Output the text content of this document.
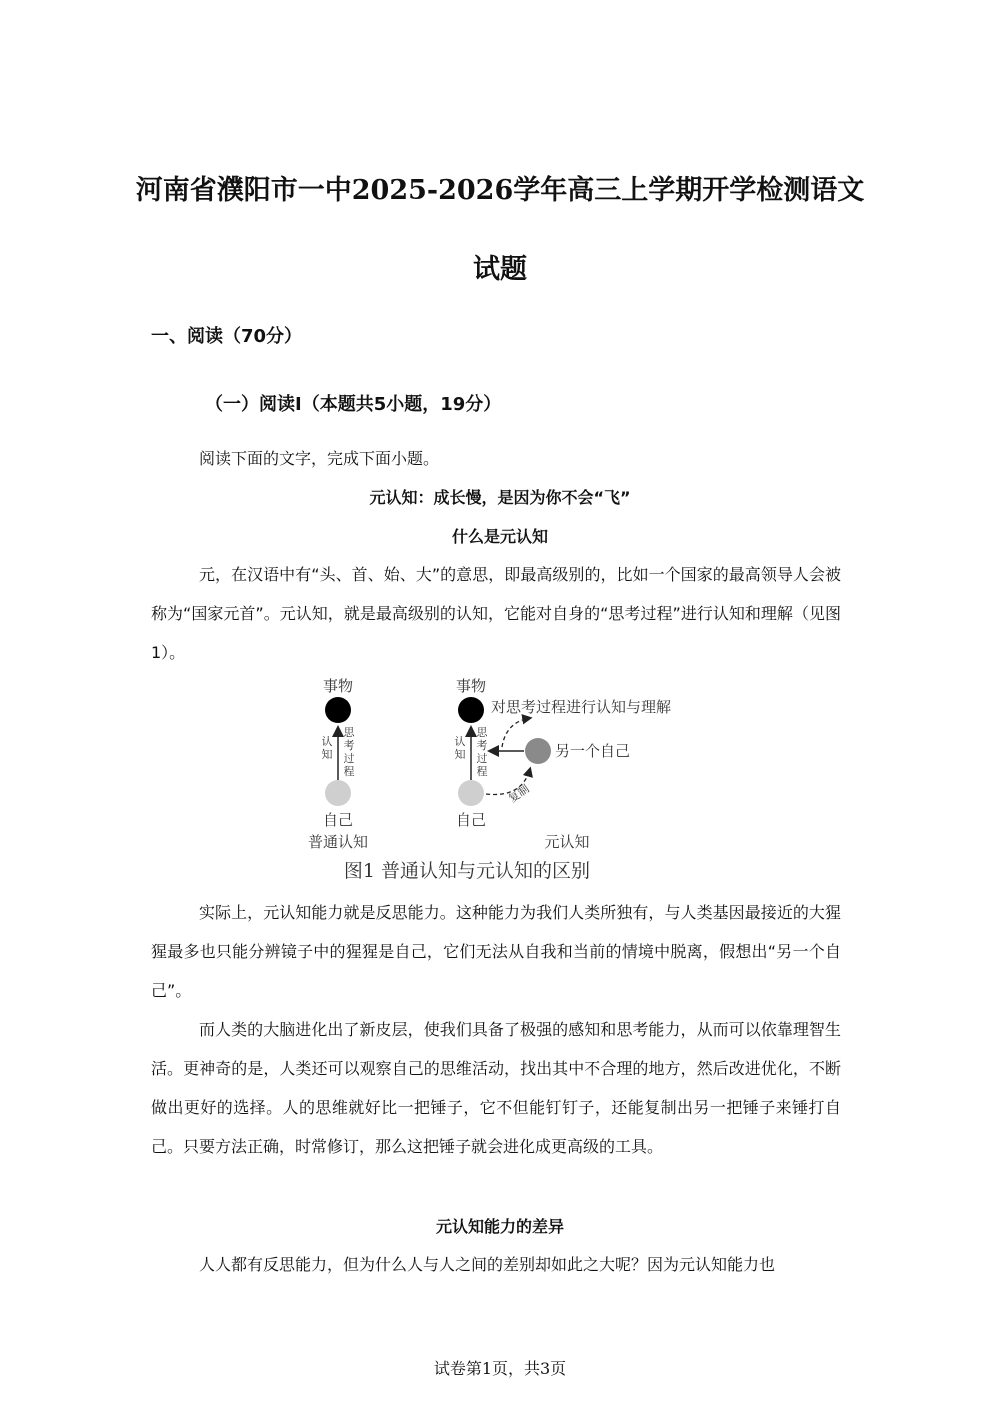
河南省濮阳市一中2025-2026学年高三上学期开学检测语文
试题
一、阅读（70分）
（一）阅读I（本题共5小题，19分）
阅读下面的文字，完成下面小题。
元认知：成长慢，是因为你不会“飞”
什么是元认知

元，在汉语中有“头、首、始、大”的意思，即最高级别的，比如一个国家的最高领导人会被称为“国家元首”。元认知，就是最高级别的认知，它能对自身的“思考过程”进行认知和理解（见图1）。

事物
认知
思考过程
自己
普通认知
事物
对思考过程进行认知与理解
认知
思考过程
另一个自己
复制
自己
元认知
图1 普通认知与元认知的区别

实际上，元认知能力就是反思能力。这种能力为我们人类所独有，与人类基因最接近的大猩猩最多也只能分辨镜子中的猩猩是自己，它们无法从自我和当前的情境中脱离，假想出“另一个自己”。

而人类的大脑进化出了新皮层，使我们具备了极强的感知和思考能力，从而可以依靠理智生活。更神奇的是，人类还可以观察自己的思维活动，找出其中不合理的地方，然后改进优化，不断做出更好的选择。人的思维就好比一把锤子，它不但能钉钉子，还能复制出另一把锤子来锤打自己。只要方法正确，时常修订，那么这把锤子就会进化成更高级的工具。

元认知能力的差异

人人都有反思能力，但为什么人与人之间的差别却如此之大呢？因为元认知能力也

试卷第1页，共3页
